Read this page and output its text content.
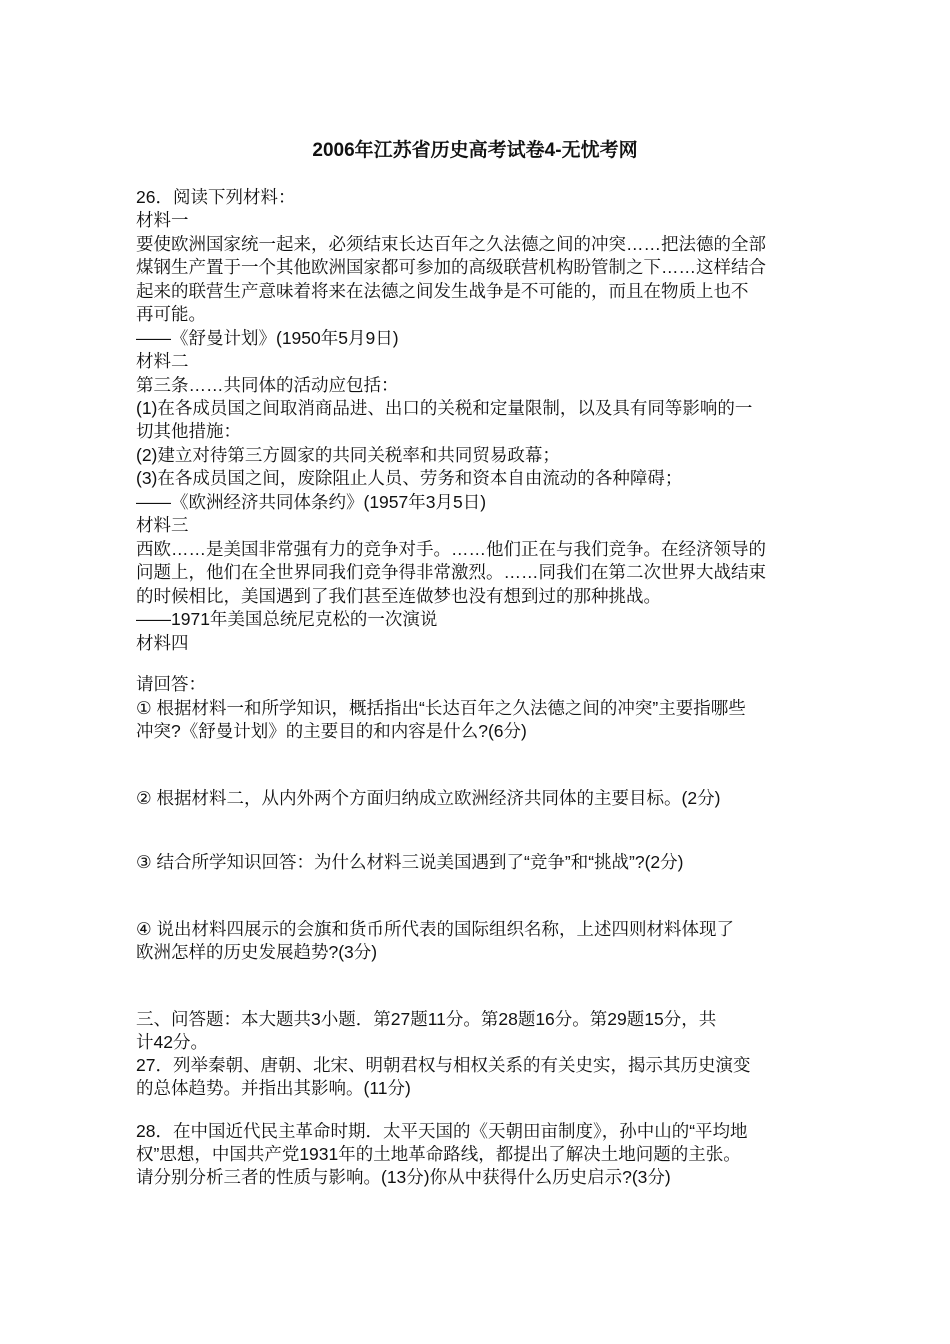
2006年江苏省历史高考试卷4-无忧考网
26．阅读下列材料：
材料一
要使欧洲国家统一起来，必须结束长达百年之久法德之间的冲突……把法德的全部
煤钢生产置于一个其他欧洲国家都可参加的高级联营机构盼管制之下……这样结合
起来的联营生产意味着将来在法德之间发生战争是不可能的，而且在物质上也不
再可能。
——《舒曼计划》(1950年5月9日)
材料二
第三条……共同体的活动应包括：
(1)在各成员国之间取消商品进、出口的关税和定量限制，以及具有同等影响的一
切其他措施：
(2)建立对待第三方圆家的共同关税率和共同贸易政幕；
(3)在各成员国之间，废除阻止人员、劳务和资本自由流动的各种障碍；
——《欧洲经济共同体条约》(1957年3月5日)
材料三
西欧……是美国非常强有力的竞争对手。……他们正在与我们竞争。在经济领导的
问题上，他们在全世界同我们竞争得非常激烈。……同我们在第二次世界大战结束
的时候相比，美国遇到了我们甚至连做梦也没有想到过的那种挑战。
——1971年美国总统尼克松的一次演说
材料四
请回答：
① 根据材料一和所学知识，概括指出“长达百年之久法德之间的冲突”主要指哪些
冲突?《舒曼计划》的主要目的和内容是什么?(6分)
② 根据材料二，从内外两个方面归纳成立欧洲经济共同体的主要目标。(2分)
③ 结合所学知识回答：为什么材料三说美国遇到了“竞争”和“挑战”?(2分)
④ 说出材料四展示的会旗和货币所代表的国际组织名称，上述四则材料体现了
欧洲怎样的历史发展趋势?(3分)
三、问答题：本大题共3小题．第27题11分。第28题16分。第29题15分，共
计42分。
27．列举秦朝、唐朝、北宋、明朝君权与相权关系的有关史实，揭示其历史演变
的总体趋势。并指出其影响。(11分)
28．在中国近代民主革命时期．太平天国的《天朝田亩制度》，孙中山的“平均地
权”思想，中国共产党1931年的土地革命路线，都提出了解决土地问题的主张。
请分别分析三者的性质与影响。(13分)你从中获得什么历史启示?(3分)
